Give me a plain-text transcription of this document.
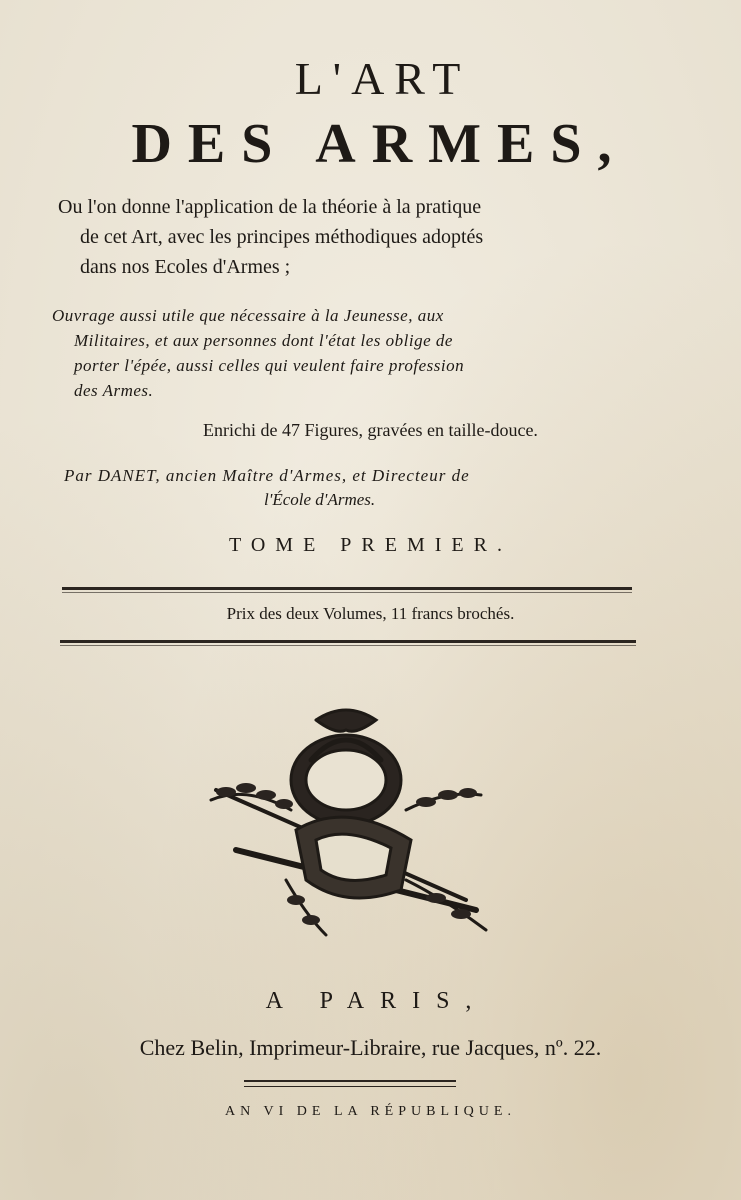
L'ART
DES ARMES,
Ou l'on donne l'application de la théorie à la pratique
de cet Art, avec les principes méthodiques adoptés
dans nos Ecoles d'Armes ;
Ouvrage aussi utile que nécessaire à la Jeunesse, aux
Militaires, et aux personnes dont l'état les oblige de
porter l'épée, aussi celles qui veulent faire profession
des Armes.
Enrichi de 47 Figures, gravées en taille-douce.
Par DANET, ancien Maître d'Armes, et Directeur de
l'École d'Armes.
TOME PREMIER.
Prix des deux Volumes, 11 francs brochés.
A PARIS,
Chez Belin, Imprimeur-Libraire, rue Jacques, nº. 22.
AN VI DE LA RÉPUBLIQUE.
